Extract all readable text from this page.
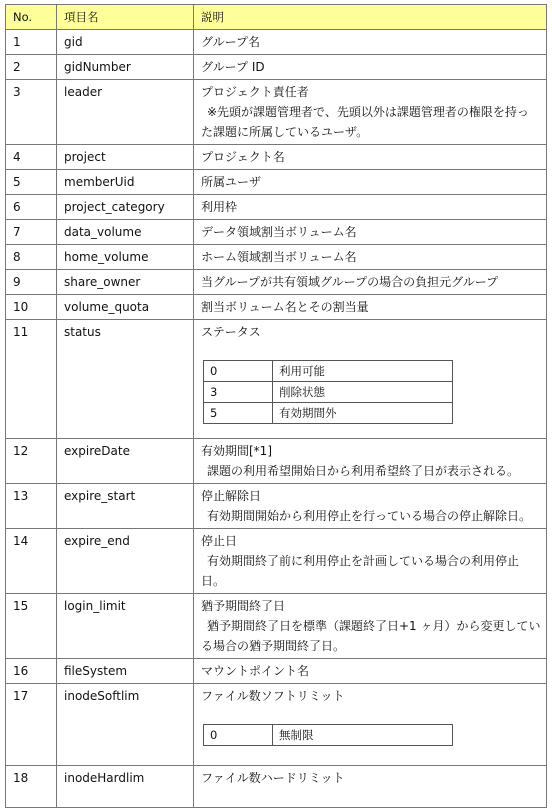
No.	項目名	説明
1	gid	グループ名

2	gidNumber	グループ ID

3	leader	プロジェクト責任者
※先頭が課題管理者で、先頭以外は課題管理者の権限を持っ
た課題に所属しているユーザ。

4	project	プロジェクト名

5	memberUid	所属ユーザ

6	project_category	利用枠

7	data_volume	データ領域割当ボリューム名

8	home_volume	ホーム領域割当ボリューム名

9	share_owner	当グループが共有領域グループの場合の負担元グループ

10	volume_quota	割当ボリューム名とその割当量

11	status	ステータス
0	利用可能
3	削除状態
5	有効期間外

12	expireDate	有効期間[*1]
課題の利用希望開始日から利用希望終了日が表示される。

13	expire_start	停止解除日
有効期間開始から利用停止を行っている場合の停止解除日。

14	expire_end	停止日
有効期間終了前に利用停止を計画している場合の利用停止
日。

15	login_limit	猶予期間終了日
猶予期間終了日を標準（課題終了日+1 ヶ月）から変更してい
る場合の猶予期間終了日。

16	fileSystem	マウントポイント名

17	inodeSoftlim	ファイル数ソフトリミット
0	無制限

18	inodeHardlim	ファイル数ハードリミット
